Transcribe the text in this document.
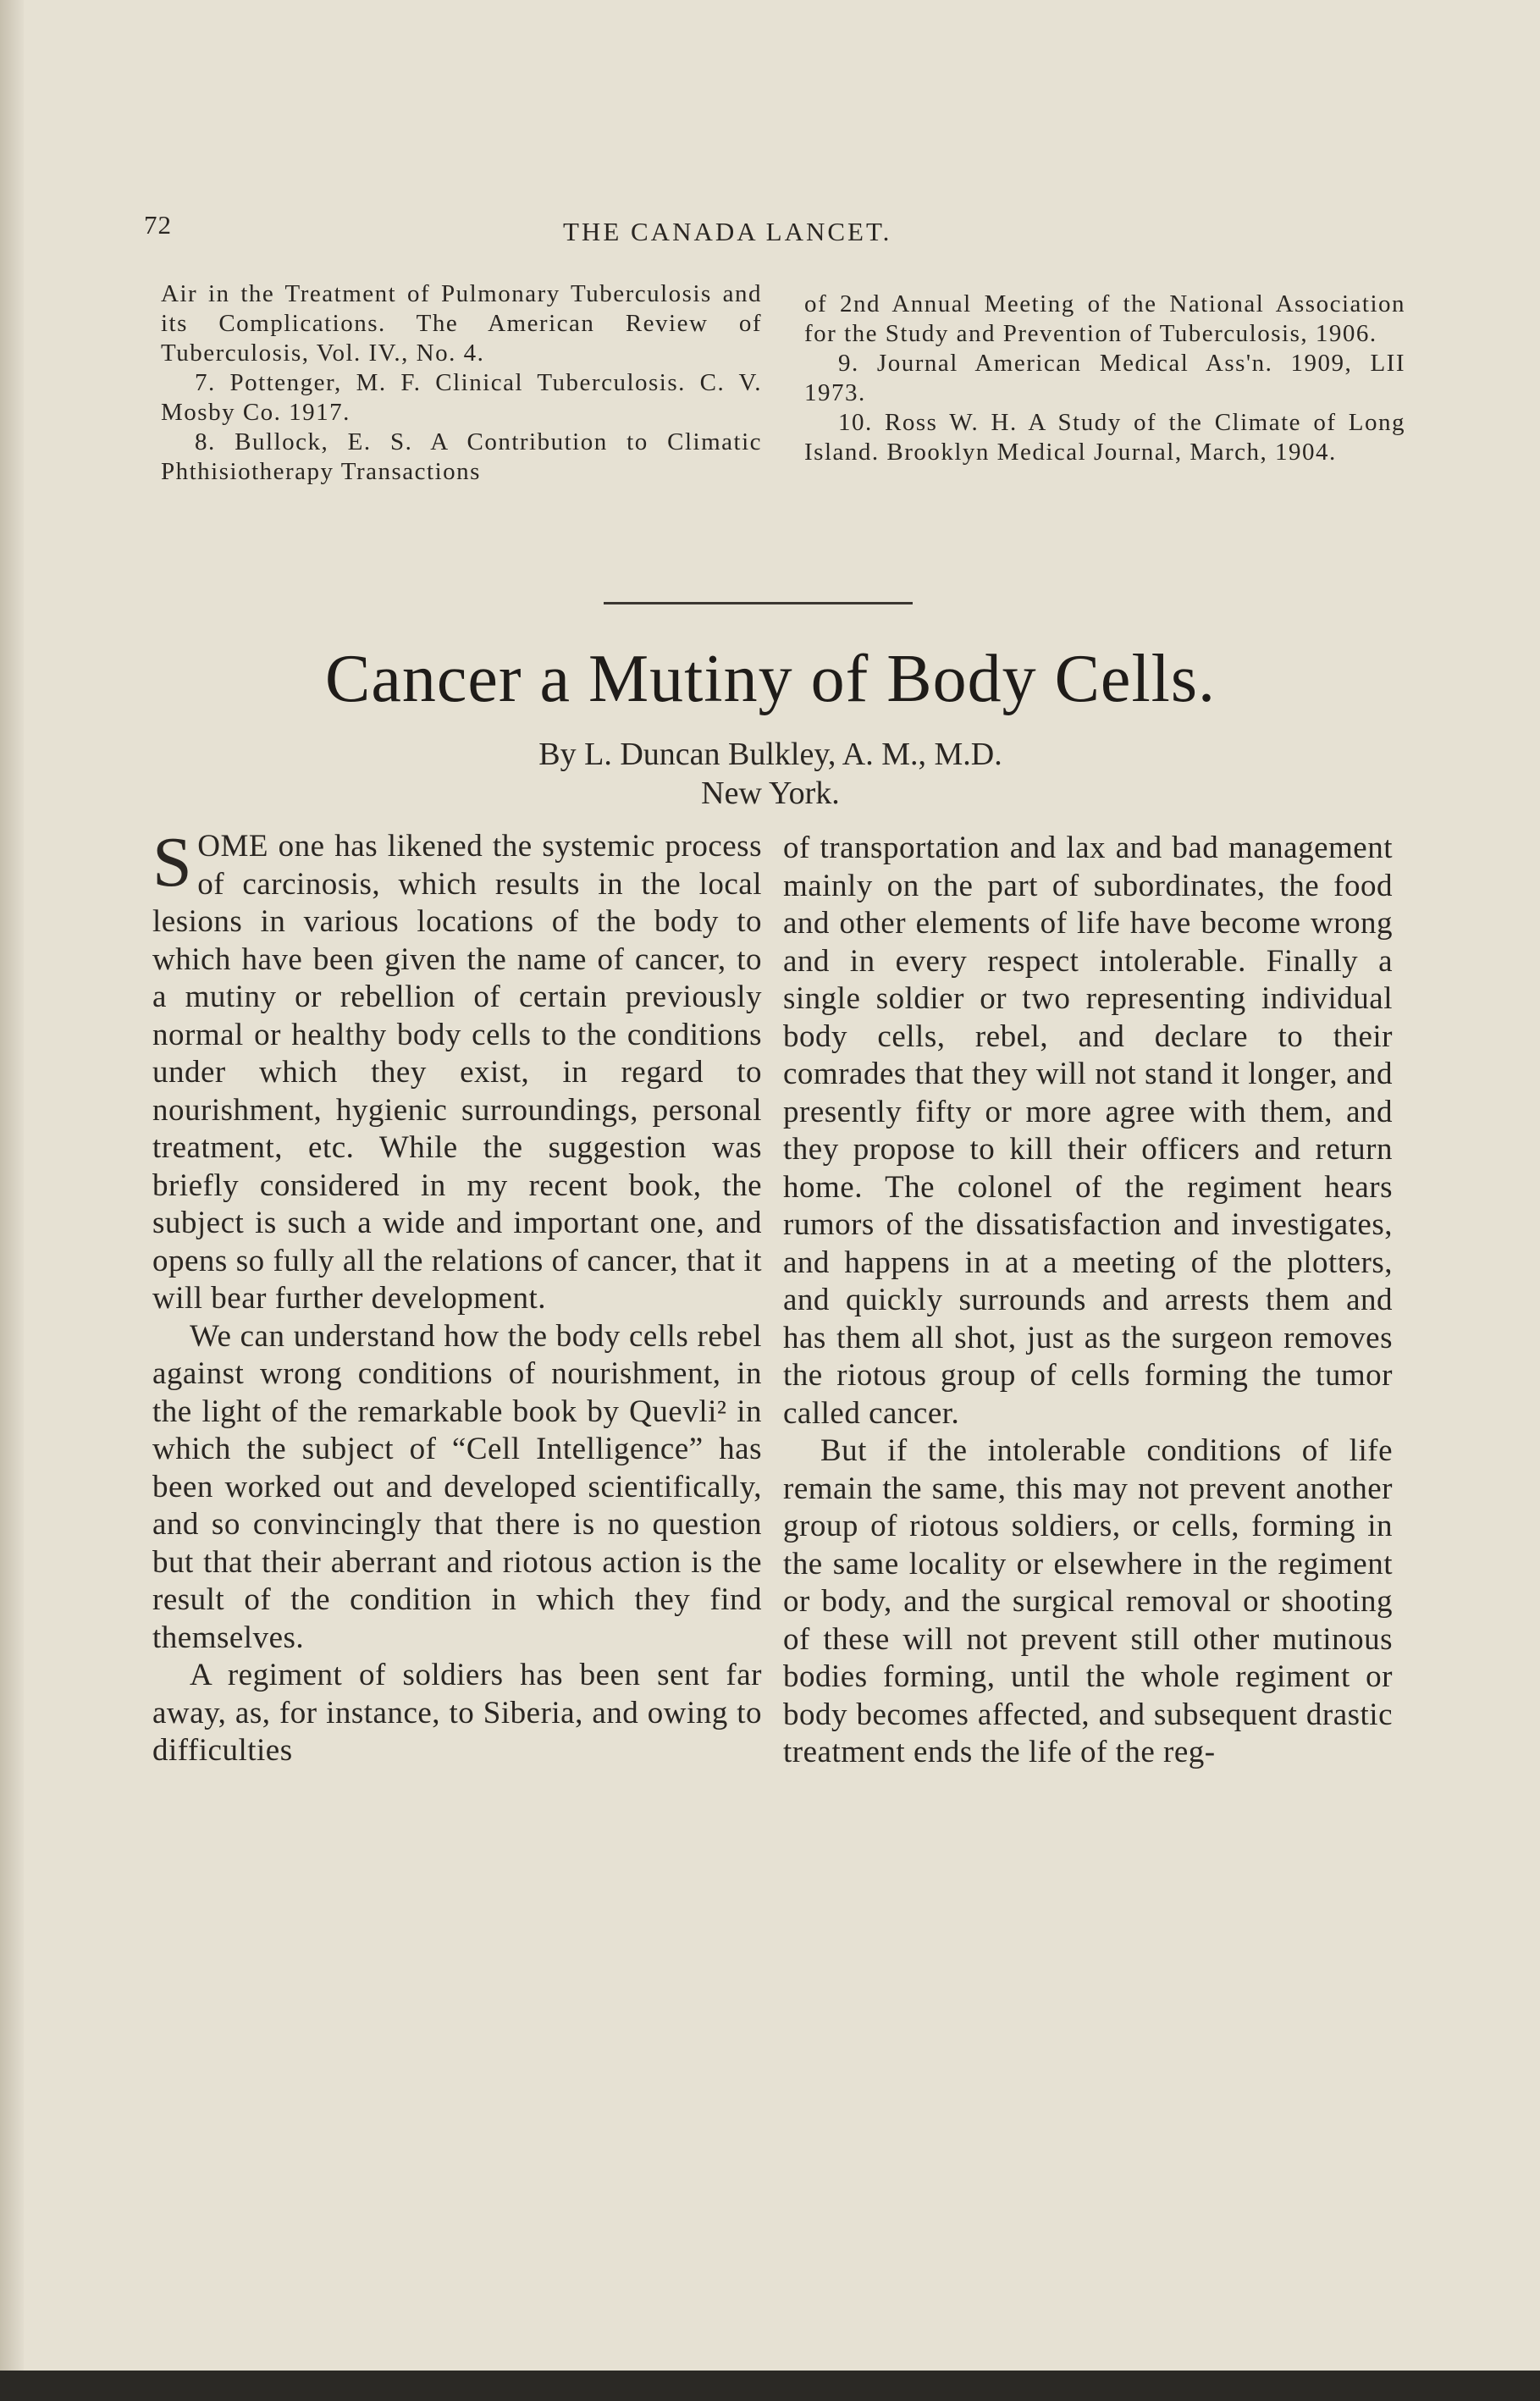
72	THE CANADA LANCET.

Air in the Treatment of Pulmonary Tuberculosis and its Complications. The American Review of Tuberculosis, Vol. IV., No. 4.

7. Pottenger, M. F. Clinical Tuberculosis. C. V. Mosby Co. 1917.

8. Bullock, E. S. A Contribution to Climatic Phthisiotherapy Transactions

of 2nd Annual Meeting of the National Association for the Study and Prevention of Tuberculosis, 1906.

9. Journal American Medical Ass'n. 1909, LII 1973.

10. Ross W. H. A Study of the Climate of Long Island. Brooklyn Medical Journal, March, 1904.

Cancer a Mutiny of Body Cells.
By L. Duncan Bulkley, A. M., M.D.
New York.

SOME one has likened the systemic process of carcinosis, which results in the local lesions in various locations of the body to which have been given the name of cancer, to a mutiny or rebellion of certain previously normal or healthy body cells to the conditions under which they exist, in regard to nourishment, hygienic surroundings, personal treatment, etc. While the suggestion was briefly considered in my recent book, the subject is such a wide and important one, and opens so fully all the relations of cancer, that it will bear further development.

We can understand how the body cells rebel against wrong conditions of nourishment, in the light of the remarkable book by Quevli² in which the subject of “Cell Intelligence” has been worked out and developed scientifically, and so convincingly that there is no question but that their aberrant and riotous action is the result of the condition in which they find themselves.

A regiment of soldiers has been sent far away, as, for instance, to Siberia, and owing to difficulties

of transportation and lax and bad management mainly on the part of subordinates, the food and other elements of life have become wrong and in every respect intolerable. Finally a single soldier or two representing individual body cells, rebel, and declare to their comrades that they will not stand it longer, and presently fifty or more agree with them, and they propose to kill their officers and return home. The colonel of the regiment hears rumors of the dissatisfaction and investigates, and happens in at a meeting of the plotters, and quickly surrounds and arrests them and has them all shot, just as the surgeon removes the riotous group of cells forming the tumor called cancer.

But if the intolerable conditions of life remain the same, this may not prevent another group of riotous soldiers, or cells, forming in the same locality or elsewhere in the regiment or body, and the surgical removal or shooting of these will not prevent still other mutinous bodies forming, until the whole regiment or body becomes affected, and subsequent drastic treatment ends the life of the reg-
